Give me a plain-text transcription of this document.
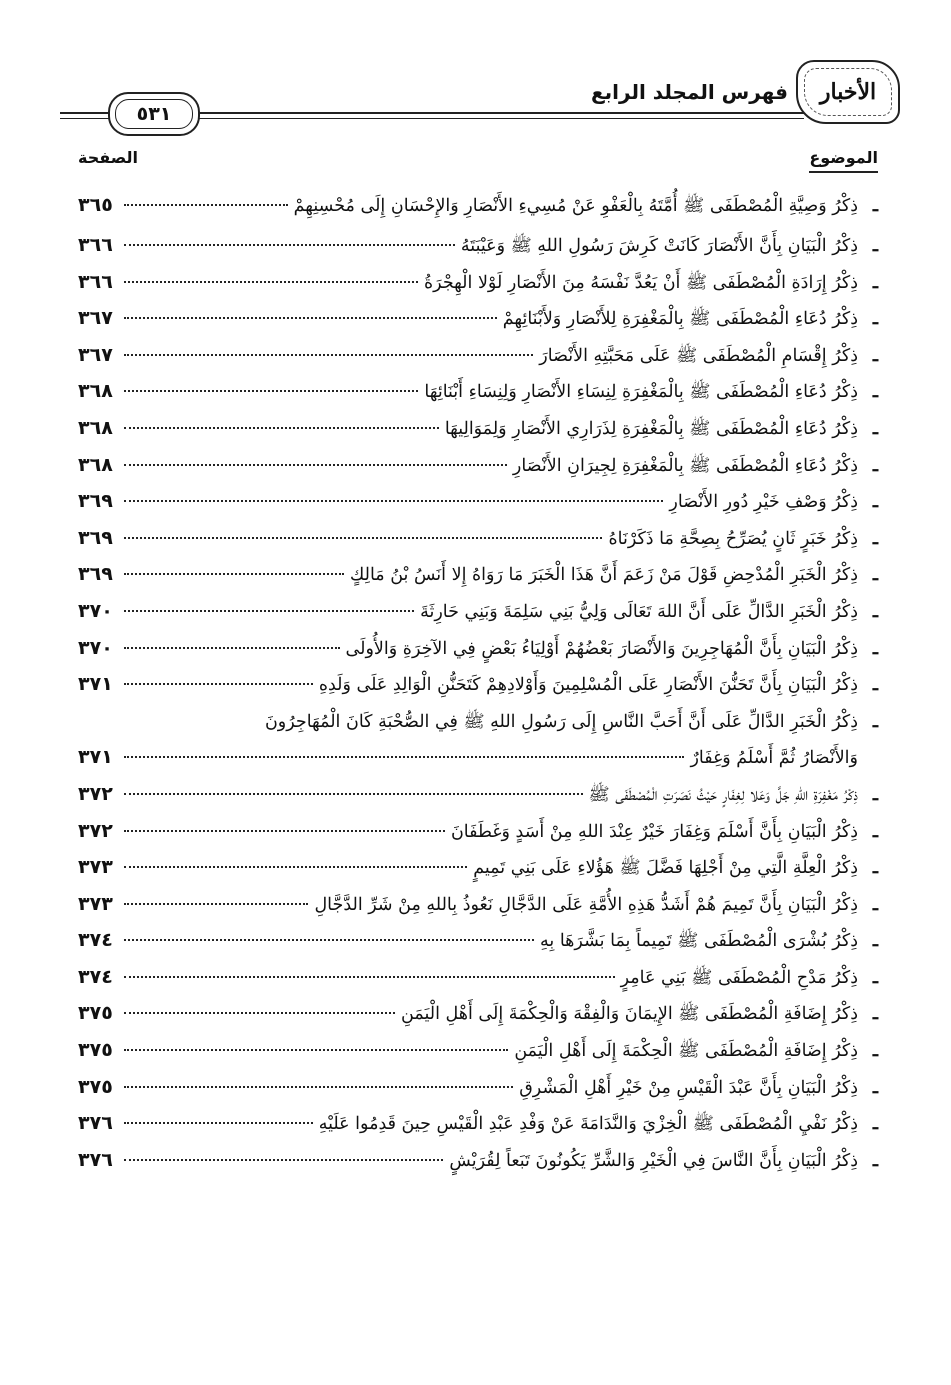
الأخبار
فهرس المجلد الرابع
٥٣١
الموضوع
الصفحة
ـ
ذِكْرُ وَصِيَّةِ الْمُصْطَفَى ﷺ أُمَّتَهُ بِالْعَفْوِ عَنْ مُسِيءِ الأَنْصَارِ وَالإِحْسَانِ إِلَى مُحْسِنِهِمْ
٣٦٥
ـ
ذِكْرُ الْبَيَانِ بِأَنَّ الأَنْصَارَ كَانَتْ كَرِشَ رَسُولِ اللهِ ﷺ وَعَيْبَتَهُ
٣٦٦
ـ
ذِكْرُ إِرَادَةِ الْمُصْطَفَى ﷺ أَنْ يَعُدَّ نَفْسَهُ مِنَ الأَنْصَارِ لَوْلا الْهِجْرَةُ
٣٦٦
ـ
ذِكْرُ دُعَاءِ الْمُصْطَفَى ﷺ بِالْمَغْفِرَةِ لِلأَنْصَارِ وَلأَبْنَائِهِمْ
٣٦٧
ـ
ذِكْرُ إِقْسَامِ الْمُصْطَفَى ﷺ عَلَى مَحَبَّتِهِ الأَنْصَارَ
٣٦٧
ـ
ذِكْرُ دُعَاءِ الْمُصْطَفَى ﷺ بِالْمَغْفِرَةِ لِنِسَاءِ الأَنْصَارِ وَلِنِسَاءِ أَبْنَائِهَا
٣٦٨
ـ
ذِكْرُ دُعَاءِ الْمُصْطَفَى ﷺ بِالْمَغْفِرَةِ لِذَرَارِي الأَنْصَارِ وَلِمَوَالِيهَا
٣٦٨
ـ
ذِكْرُ دُعَاءِ الْمُصْطَفَى ﷺ بِالْمَغْفِرَةِ لِجِيرَانِ الأَنْصَارِ
٣٦٨
ـ
ذِكْرُ وَصْفِ خَيْرِ دُورِ الأَنْصَارِ
٣٦٩
ـ
ذِكْرُ خَبَرٍ ثَانٍ يُصَرِّحُ بِصِحَّةِ مَا ذَكَرْنَاهُ
٣٦٩
ـ
ذِكْرُ الْخَبَرِ الْمُدْحِضِ قَوْلَ مَنْ زَعَمَ أَنَّ هَذَا الْخَبَرَ مَا رَوَاهُ إِلا أَنَسُ بْنُ مَالِكٍ
٣٦٩
ـ
ذِكْرُ الْخَبَرِ الدَّالِّ عَلَى أَنَّ اللهَ تَعَالَى وَلِيُّ بَنِي سَلِمَةَ وَبَنِي حَارِثَةَ
٣٧٠
ـ
ذِكْرُ الْبَيَانِ بِأَنَّ الْمُهَاجِرِينَ وَالأَنْصَارَ بَعْضُهُمْ أَوْلِيَاءُ بَعْضٍ فِي الآخِرَةِ وَالأُولَى
٣٧٠
ـ
ذِكْرُ الْبَيَانِ بِأَنَّ تَحَنُّنَ الأَنْصَارِ عَلَى الْمُسْلِمِينَ وَأَوْلادِهِمْ كَتَحَنُّنِ الْوَالِدِ عَلَى وَلَدِهِ
٣٧١
ـ
ذِكْرُ الْخَبَرِ الدَّالِّ عَلَى أَنَّ أَحَبَّ النَّاسِ إِلَى رَسُولِ اللهِ ﷺ فِي الصُّحْبَةِ كَانَ الْمُهَاجِرُونَ
وَالأَنْصَارُ ثُمَّ أَسْلَمُ وَغِفَارٌ
٣٧١
ـ
ذِكْرُ مَغْفِرَةِ اللهِ جَلَّ وَعَلا لِغِفَارٍ حَيْثُ نَصَرَتِ الْمُصْطَفَى ﷺ
٣٧٢
ـ
ذِكْرُ الْبَيَانِ بِأَنَّ أَسْلَمَ وَغِفَارَ خَيْرٌ عِنْدَ اللهِ مِنْ أَسَدٍ وَغَطَفَانَ
٣٧٢
ـ
ذِكْرُ الْعِلَّةِ الَّتِي مِنْ أَجْلِهَا فَضَّلَ ﷺ هَؤُلاءِ عَلَى بَنِي تَمِيمٍ
٣٧٣
ـ
ذِكْرُ الْبَيَانِ بِأَنَّ تَمِيمَ هُمْ أَشَدُّ هَذِهِ الأُمَّةِ عَلَى الدَّجَّالِ نَعُوذُ بِاللهِ مِنْ شَرِّ الدَّجَّالِ
٣٧٣
ـ
ذِكْرُ بُشْرَى الْمُصْطَفَى ﷺ تَمِيماً بِمَا بَشَّرَهَا بِهِ
٣٧٤
ـ
ذِكْرُ مَدْحِ الْمُصْطَفَى ﷺ بَنِي عَامِرٍ
٣٧٤
ـ
ذِكْرُ إِضَافَةِ الْمُصْطَفَى ﷺ الإِيمَانَ وَالْفِقْهَ وَالْحِكْمَةَ إِلَى أَهْلِ الْيَمَنِ
٣٧٥
ـ
ذِكْرُ إِضَافَةِ الْمُصْطَفَى ﷺ الْحِكْمَةَ إِلَى أَهْلِ الْيَمَنِ
٣٧٥
ـ
ذِكْرُ الْبَيَانِ بِأَنَّ عَبْدَ الْقَيْسِ مِنْ خَيْرِ أَهْلِ الْمَشْرِقِ
٣٧٥
ـ
ذِكْرُ نَفْيِ الْمُصْطَفَى ﷺ الْخِزْيَ وَالنَّدَامَةَ عَنْ وَفْدِ عَبْدِ الْقَيْسِ حِينَ قَدِمُوا عَلَيْهِ
٣٧٦
ـ
ذِكْرُ الْبَيَانِ بِأَنَّ النَّاسَ فِي الْخَيْرِ وَالشَّرِّ يَكُونُونَ تَبَعاً لِقُرَيْشٍ
٣٧٦
